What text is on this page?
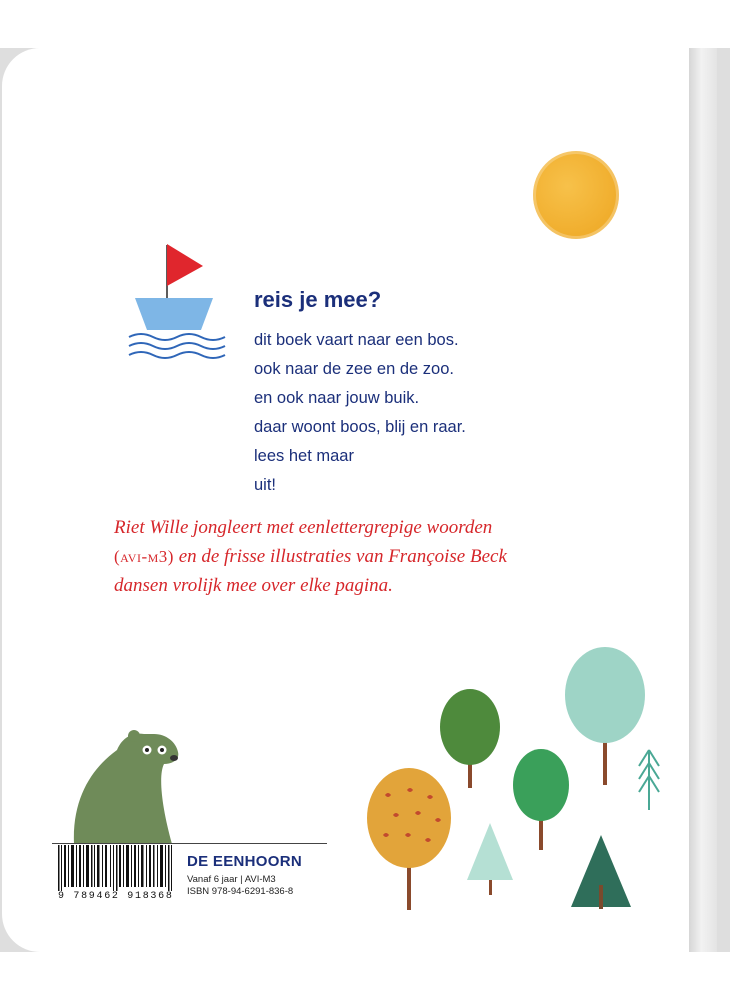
reis je mee?
dit boek vaart naar een bos.
ook naar de zee en de zoo.
en ook naar jouw buik.
daar woont boos, blij en raar.
lees het maar
uit!
Riet Wille jongleert met eenlettergrepige woorden
(avi-m3) en de frisse illustraties van Françoise Beck
dansen vrolijk mee over elke pagina.
9 789462 918368
DE EENHOORN
Vanaf 6 jaar | AVI-M3
ISBN 978-94-6291-836-8
